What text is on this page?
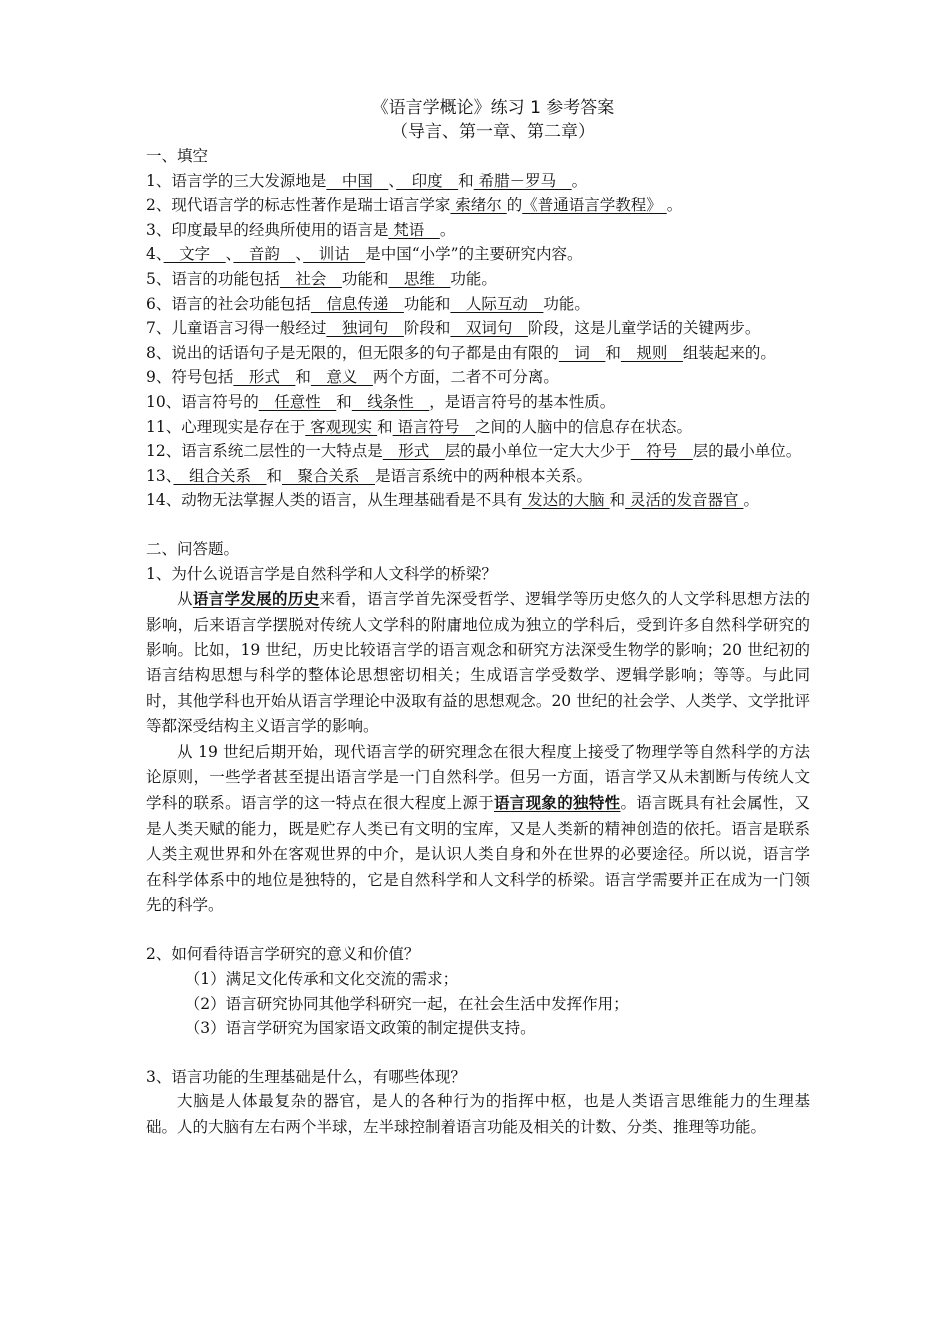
《语言学概论》练习 1 参考答案
（导言、第一章、第二章）
一、填空
1、语言学的三大发源地是　中国　、　印度　和 希腊－罗马　。
2、现代语言学的标志性著作是瑞士语言学家 索绪尔 的《普通语言学教程》 。
3、印度最早的经典所使用的语言是 梵语　。
4、　文字　、　音韵　、　训诂　是中国“小学”的主要研究内容。
5、语言的功能包括　社会　功能和　思维　功能。
6、语言的社会功能包括　信息传递　功能和　人际互动　功能。
7、儿童语言习得一般经过　独词句　阶段和　双词句　阶段，这是儿童学话的关键两步。
8、说出的话语句子是无限的，但无限多的句子都是由有限的　词　和　规则　组装起来的。
9、符号包括　形式　和　意义　两个方面，二者不可分离。
10、语言符号的　任意性　和　线条性　，是语言符号的基本性质。
11、心理现实是存在于 客观现实 和 语言符号　之间的人脑中的信息存在状态。
12、语言系统二层性的一大特点是　形式　层的最小单位一定大大少于　符号　层的最小单位。
13、　组合关系　和　聚合关系　是语言系统中的两种根本关系。
14、动物无法掌握人类的语言，从生理基础看是不具有 发达的大脑 和 灵活的发音器官 。
二、问答题。
1、为什么说语言学是自然科学和人文科学的桥梁？
从语言学发展的历史来看，语言学首先深受哲学、逻辑学等历史悠久的人文学科思想方法的影响，后来语言学摆脱对传统人文学科的附庸地位成为独立的学科后，受到许多自然科学研究的影响。比如，19 世纪，历史比较语言学的语言观念和研究方法深受生物学的影响；20 世纪初的语言结构思想与科学的整体论思想密切相关；生成语言学受数学、逻辑学影响；等等。与此同时，其他学科也开始从语言学理论中汲取有益的思想观念。20 世纪的社会学、人类学、文学批评等都深受结构主义语言学的影响。
从 19 世纪后期开始，现代语言学的研究理念在很大程度上接受了物理学等自然科学的方法论原则，一些学者甚至提出语言学是一门自然科学。但另一方面，语言学又从未割断与传统人文学科的联系。语言学的这一特点在很大程度上源于语言现象的独特性。语言既具有社会属性，又是人类天赋的能力，既是贮存人类已有文明的宝库，又是人类新的精神创造的依托。语言是联系人类主观世界和外在客观世界的中介，是认识人类自身和外在世界的必要途径。所以说，语言学在科学体系中的地位是独特的，它是自然科学和人文科学的桥梁。语言学需要并正在成为一门领先的科学。
2、如何看待语言学研究的意义和价值？
（1）满足文化传承和文化交流的需求；
（2）语言研究协同其他学科研究一起，在社会生活中发挥作用；
（3）语言学研究为国家语文政策的制定提供支持。
3、语言功能的生理基础是什么，有哪些体现？
大脑是人体最复杂的器官，是人的各种行为的指挥中枢，也是人类语言思维能力的生理基础。人的大脑有左右两个半球，左半球控制着语言功能及相关的计数、分类、推理等功能。
